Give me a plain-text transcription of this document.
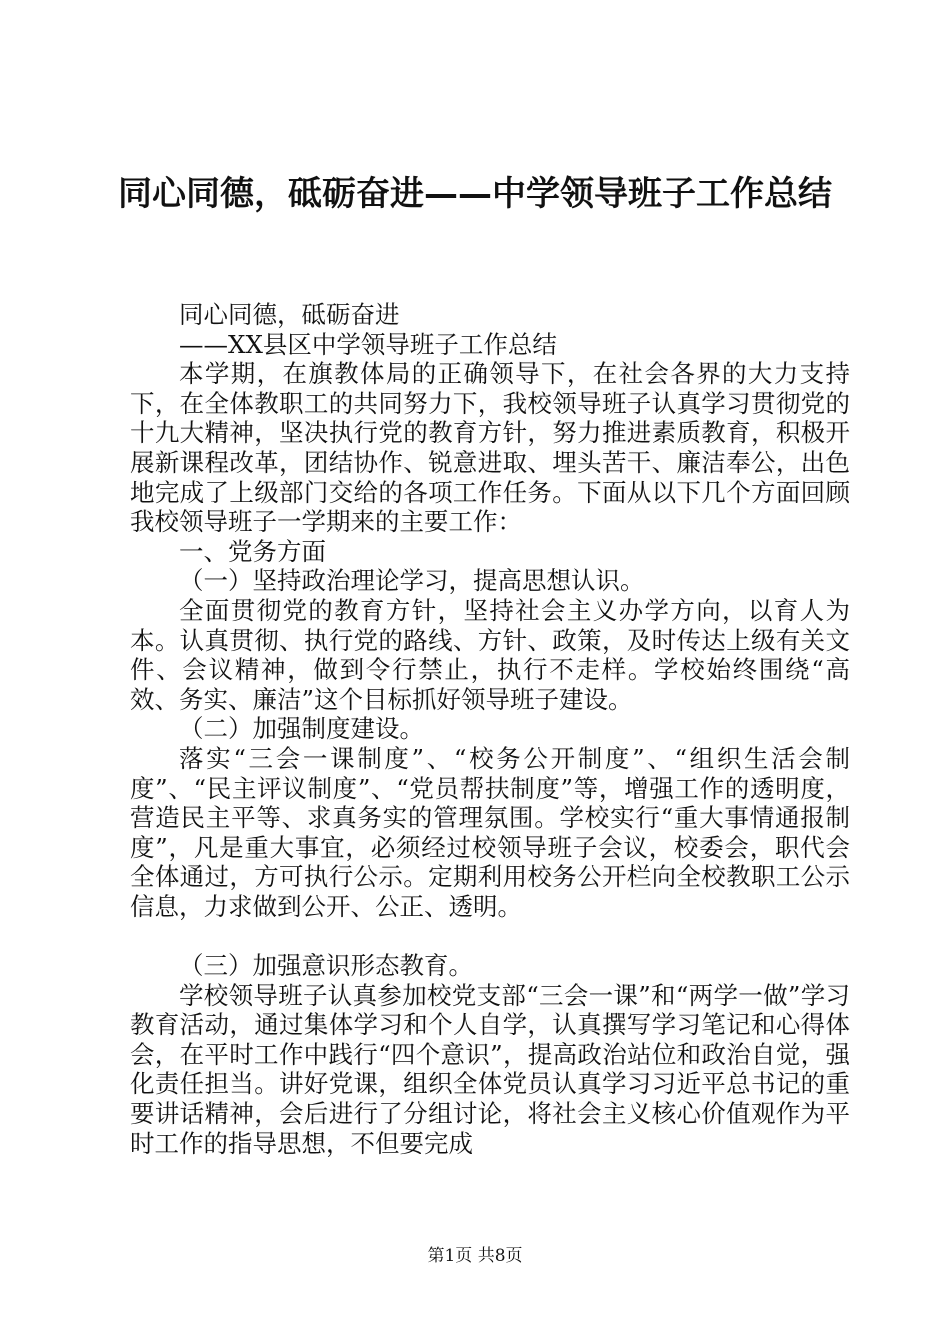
同心同德，砥砺奋进——中学领导班子工作总结

同心同德，砥砺奋进

——XX县区中学领导班子工作总结

本学期，在旗教体局的正确领导下，在社会各界的大力支持下，在全体教职工的共同努力下，我校领导班子认真学习贯彻党的十九大精神，坚决执行党的教育方针，努力推进素质教育，积极开展新课程改革，团结协作、锐意进取、埋头苦干、廉洁奉公，出色地完成了上级部门交给的各项工作任务。下面从以下几个方面回顾我校领导班子一学期来的主要工作：

一、党务方面

（一）坚持政治理论学习，提高思想认识。

全面贯彻党的教育方针，坚持社会主义办学方向，以育人为本。认真贯彻、执行党的路线、方针、政策，及时传达上级有关文件、会议精神，做到令行禁止，执行不走样。学校始终围绕“高效、务实、廉洁”这个目标抓好领导班子建设。

（二）加强制度建设。

落实“三会一课制度”、“校务公开制度”、“组织生活会制度”、“民主评议制度”、“党员帮扶制度”等，增强工作的透明度，营造民主平等、求真务实的管理氛围。学校实行“重大事情通报制度”，凡是重大事宜，必须经过校领导班子会议，校委会，职代会全体通过，方可执行公示。定期利用校务公开栏向全校教职工公示信息，力求做到公开、公正、透明。

（三）加强意识形态教育。

学校领导班子认真参加校党支部“三会一课”和“两学一做”学习教育活动，通过集体学习和个人自学，认真撰写学习笔记和心得体会，在平时工作中践行“四个意识”，提高政治站位和政治自觉，强化责任担当。讲好党课，组织全体党员认真学习习近平总书记的重要讲话精神，会后进行了分组讨论，将社会主义核心价值观作为平时工作的指导思想，不但要完成

第1页 共8页
